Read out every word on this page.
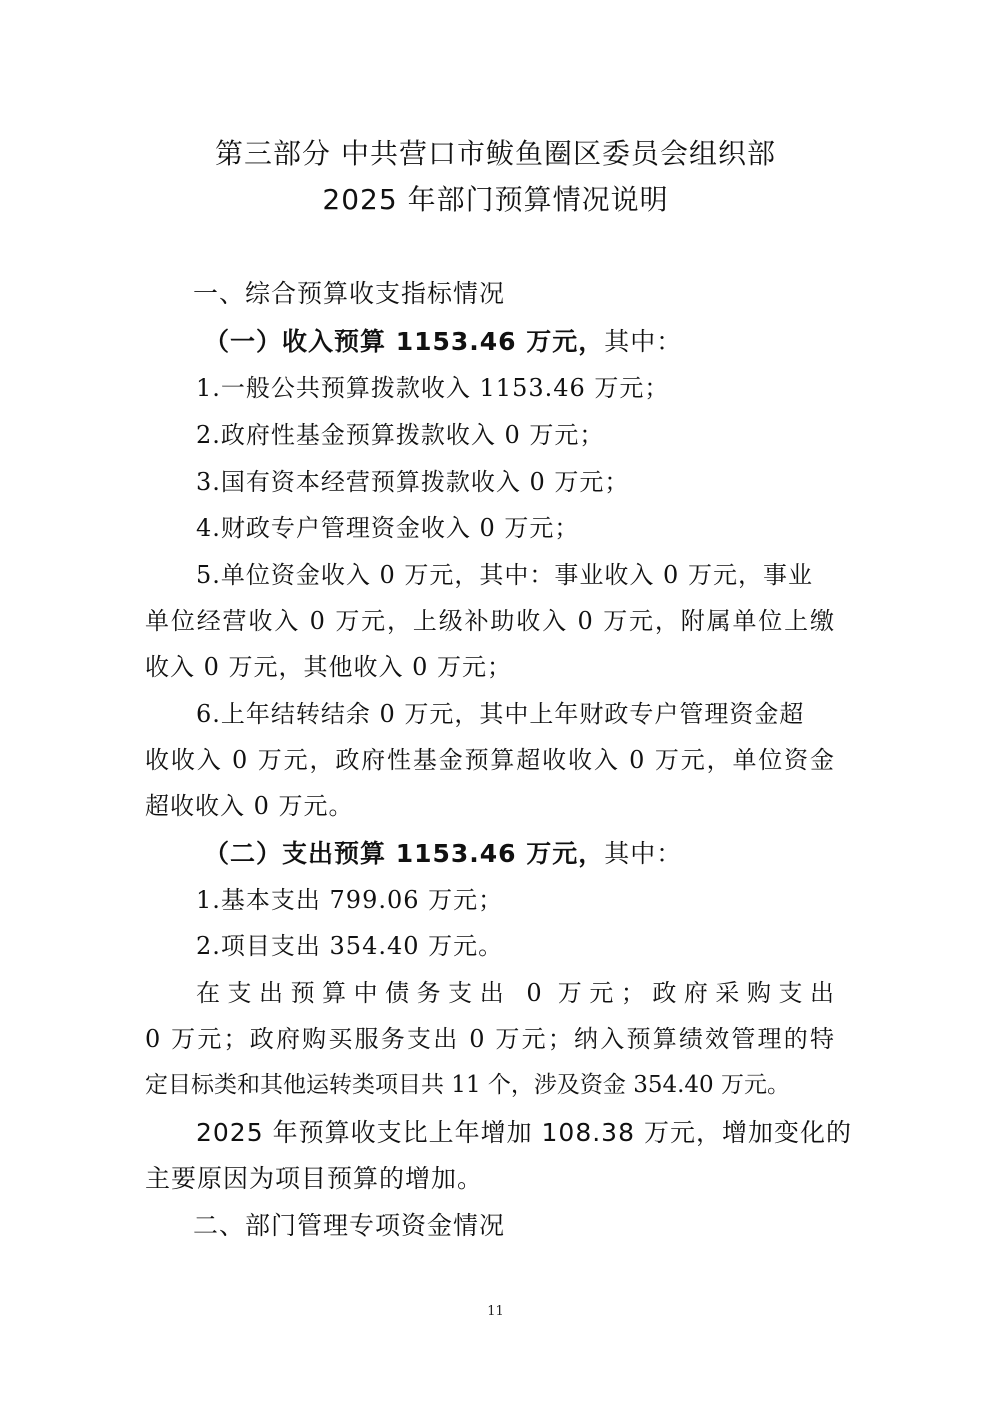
第三部分 中共营口市鲅鱼圈区委员会组织部
2025 年部门预算情况说明
一、综合预算收支指标情况
（一）收入预算 1153.46 万元，其中：
1.一般公共预算拨款收入 1153.46 万元；
2.政府性基金预算拨款收入 0 万元；
3.国有资本经营预算拨款收入 0 万元；
4.财政专户管理资金收入 0 万元；
5.单位资金收入 0 万元，其中：事业收入 0 万元，事业
单位经营收入 0 万元，上级补助收入 0 万元，附属单位上缴
收入 0 万元，其他收入 0 万元；
6.上年结转结余 0 万元，其中上年财政专户管理资金超
收收入 0 万元，政府性基金预算超收收入 0 万元，单位资金
超收收入 0 万元。
（二）支出预算 1153.46 万元，其中：
1.基本支出 799.06 万元；
2.项目支出 354.40 万元。
在支出预算中债务支出 0 万元；政府采购支出
0 万元；政府购买服务支出 0 万元；纳入预算绩效管理的特
定目标类和其他运转类项目共 11 个，涉及资金 354.40 万元。
2025 年预算收支比上年增加 108.38 万元，增加变化的
主要原因为项目预算的增加。
二、部门管理专项资金情况
11
